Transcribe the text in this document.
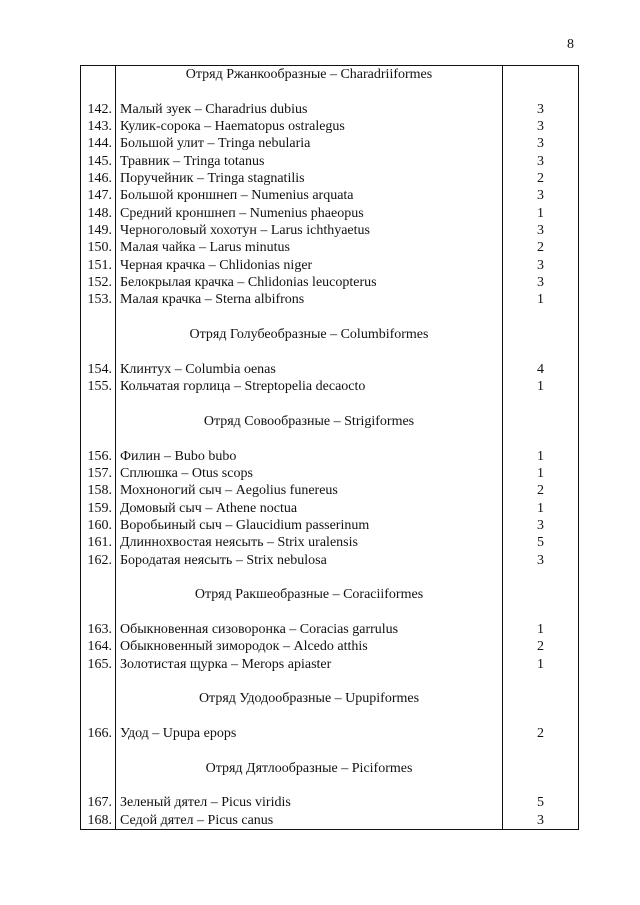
8
	Отряд Ржанкообразные – Charadriiformes	

142.	Малый зуек – Charadrius dubius	3
143.	Кулик-сорока – Haematopus ostralegus	3
144.	Большой улит – Tringa nebularia	3
145.	Травник – Tringa totanus	3
146.	Поручейник – Tringa stagnatilis	2
147.	Большой кроншнеп – Numenius arquata	3
148.	Средний кроншнеп – Numenius phaeopus	1
149.	Черноголовый хохотун – Larus ichthyaetus	3
150.	Малая чайка – Larus minutus	2
151.	Черная крачка – Chlidonias niger	3
152.	Белокрылая крачка – Chlidonias leucopterus	3
153.	Малая крачка – Sterna albifrons	1

	Отряд Голубеобразные – Columbiformes	

154.	Клинтух – Columbia oenas	4
155.	Кольчатая горлица – Streptopelia decaocto	1

	Отряд Совообразные – Strigiformes	

156.	Филин – Bubo bubo	1
157.	Сплюшка – Otus scops	1
158.	Мохноногий сыч – Aegolius funereus	2
159.	Домовый сыч – Athene noctua	1
160.	Воробьиный сыч – Glaucidium passerinum	3
161.	Длиннохвостая неясыть – Strix uralensis	5
162.	Бородатая неясыть – Strix nebulosa	3

	Отряд Ракшеобразные – Coraciiformes	

163.	Обыкновенная сизоворонка – Coracias garrulus	1
164.	Обыкновенный зимородок – Alcedo atthis	2
165.	Золотистая щурка – Merops apiaster	1

	Отряд Удодообразные – Upupiformes	

166.	Удод – Upupa epops	2

	Отряд Дятлообразные – Piciformes	

167.	Зеленый дятел – Picus viridis	5
168.	Седой дятел – Picus canus	3
